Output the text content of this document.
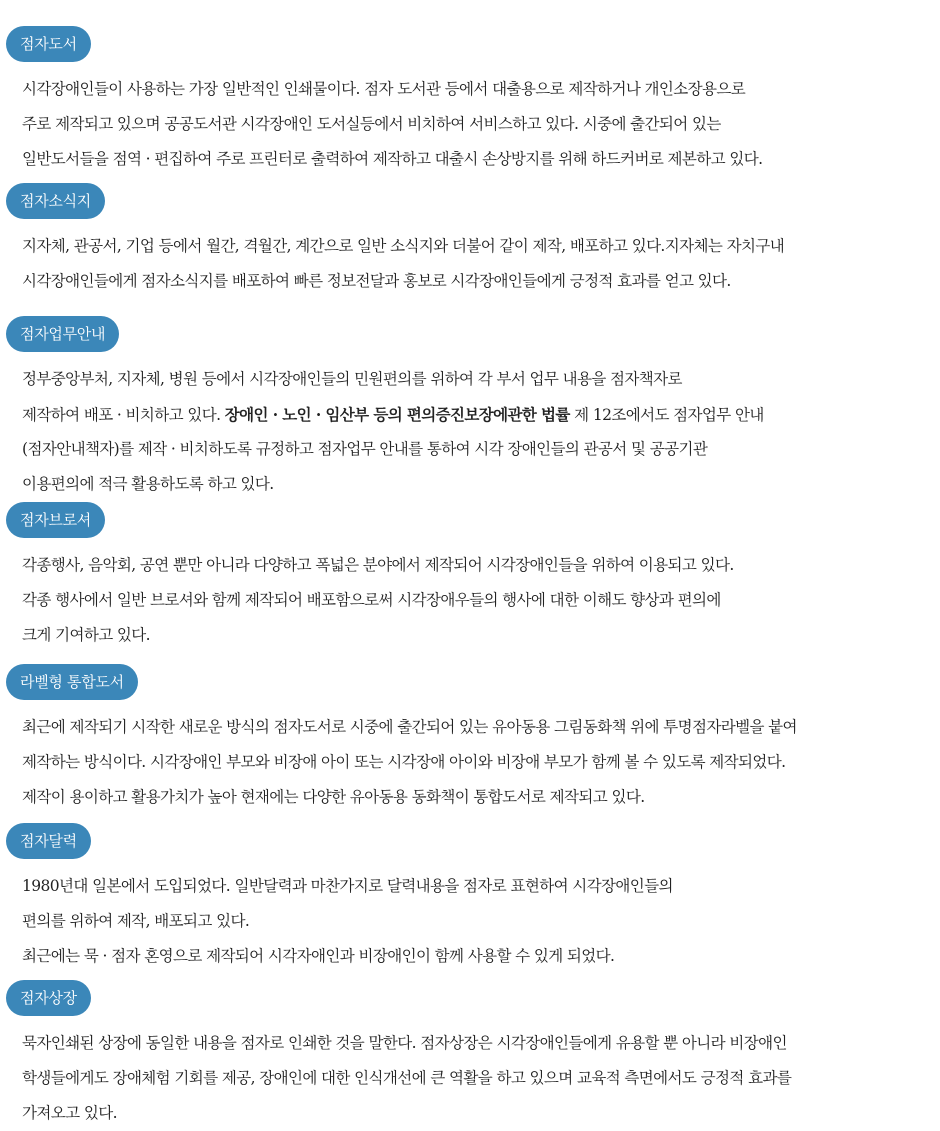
점자도서
시각장애인들이 사용하는 가장 일반적인 인쇄물이다. 점자 도서관 등에서 대출용으로 제작하거나 개인소장용으로
주로 제작되고 있으며 공공도서관 시각장애인 도서실등에서 비치하여 서비스하고 있다. 시중에 출간되어 있는
일반도서들을 점역 · 편집하여 주로 프린터로 출력하여 제작하고 대출시 손상방지를 위해 하드커버로 제본하고 있다.
점자소식지
지자체, 관공서, 기업 등에서 월간, 격월간, 계간으로 일반 소식지와 더불어 같이 제작, 배포하고 있다.지자체는 자치구내
시각장애인들에게 점자소식지를 배포하여 빠른 정보전달과 홍보로 시각장애인들에게 긍정적 효과를 얻고 있다.
점자업무안내
정부중앙부처, 지자체, 병원 등에서 시각장애인들의 민원편의를 위하여 각 부서 업무 내용을 점자책자로
제작하여 배포 · 비치하고 있다. 장애인 · 노인 · 임산부 등의 편의증진보장에관한 법률 제 12조에서도 점자업무 안내
(점자안내책자)를 제작 · 비치하도록 규정하고 점자업무 안내를 통하여 시각 장애인들의 관공서 및 공공기관
이용편의에 적극 활용하도록 하고 있다.
점자브로셔
각종행사, 음악회, 공연 뿐만 아니라 다양하고 폭넓은 분야에서 제작되어 시각장애인들을 위하여 이용되고 있다.
각종 행사에서 일반 브로셔와 함께 제작되어 배포함으로써 시각장애우들의 행사에 대한 이해도 향상과 편의에
크게 기여하고 있다.
라벨형 통합도서
최근에 제작되기 시작한 새로운 방식의 점자도서로 시중에 출간되어 있는 유아동용 그림동화책 위에 투명점자라벨을 붙여
제작하는 방식이다. 시각장애인 부모와 비장애 아이 또는 시각장애 아이와 비장애 부모가 함께 볼 수 있도록 제작되었다.
제작이 용이하고 활용가치가 높아 현재에는 다양한 유아동용 동화책이 통합도서로 제작되고 있다.
점자달력
1980년대 일본에서 도입되었다. 일반달력과 마찬가지로 달력내용을 점자로 표현하여 시각장애인들의
편의를 위하여 제작, 배포되고 있다.
최근에는 묵 · 점자 혼영으로 제작되어 시각자애인과 비장애인이 함께 사용할 수 있게 되었다.
점자상장
묵자인쇄된 상장에 동일한 내용을 점자로 인쇄한 것을 말한다. 점자상장은 시각장애인들에게 유용할 뿐 아니라 비장애인
학생들에게도 장애체험 기회를 제공, 장애인에 대한 인식개선에 큰 역활을 하고 있으며 교육적 측면에서도 긍정적 효과를
가져오고 있다.
